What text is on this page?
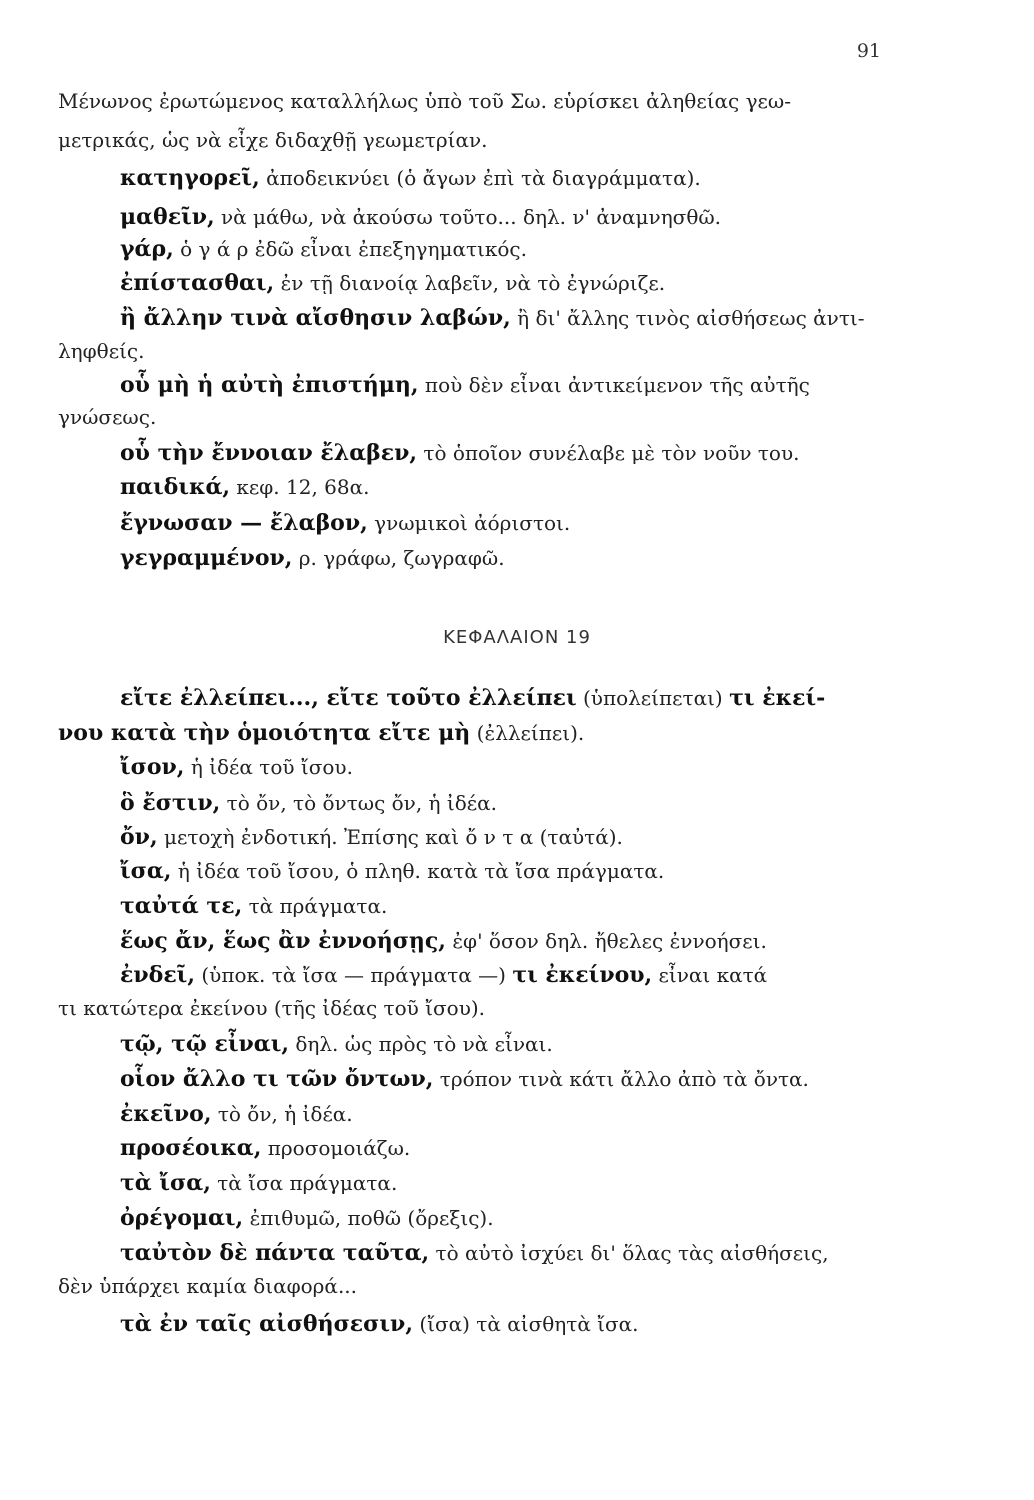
91
Μένωνος ἐρωτώμενος καταλλήλως ὑπὸ τοῦ Σω. εὑρίσκει ἀληθείας γεω-
μετρικάς, ὡς νὰ εἶχε διδαχθῇ γεωμετρίαν.
κατηγορεῖ, ἀποδεικνύει (ὁ ἄγων ἐπὶ τὰ διαγράμματα).
μαθεῖν, νὰ μάθω, νὰ ἀκούσω τοῦτο... δηλ. ν' ἀναμνησθῶ.
γάρ, ὁ γ ά ρ ἐδῶ εἶναι ἐπεξηγηματικός.
ἐπίστασθαι, ἐν τῇ διανοίᾳ λαβεῖν, νὰ τὸ ἐγνώριζε.
ἢ ἄλλην τινὰ αἴσθησιν λαβών, ἢ δι' ἄλλης τινὸς αἰσθήσεως ἀντι-
ληφθείς.
οὗ μὴ ἡ αὐτὴ ἐπιστήμη, ποὺ δὲν εἶναι ἀντικείμενον τῆς αὐτῆς
γνώσεως.
οὗ τὴν ἔννοιαν ἔλαβεν, τὸ ὁποῖον συνέλαβε μὲ τὸν νοῦν του.
παιδικά, κεφ. 12, 68α.
ἔγνωσαν — ἔλαβον, γνωμικοὶ ἀόριστοι.
γεγραμμένον, ρ. γράφω, ζωγραφῶ.
ΚΕΦΑΛΑΙΟΝ 19
εἴτε ἐλλείπει..., εἴτε τοῦτο ἐλλείπει (ὑπολείπεται) τι ἐκεί-
νου κατὰ τὴν ὁμοιότητα εἴτε μὴ (ἐλλείπει).
ἴσον, ἡ ἰδέα τοῦ ἴσου.
ὃ ἔστιν, τὸ ὄν, τὸ ὄντως ὄν, ἡ ἰδέα.
ὄν, μετοχὴ ἐνδοτική. Ἐπίσης καὶ ὄ ν τ α (ταὐτά).
ἴσα, ἡ ἰδέα τοῦ ἴσου, ὁ πληθ. κατὰ τὰ ἴσα πράγματα.
ταὐτά τε, τὰ πράγματα.
ἕως ἄν, ἕως ἂν ἐννοήσῃς, ἐφ' ὅσον δηλ. ἤθελες ἐννοήσει.
ἐνδεῖ, (ὑποκ. τὰ ἴσα — πράγματα —) τι ἐκείνου, εἶναι κατά
τι κατώτερα ἐκείνου (τῆς ἰδέας τοῦ ἴσου).
τῷ, τῷ εἶναι, δηλ. ὡς πρὸς τὸ νὰ εἶναι.
οἷον ἄλλο τι τῶν ὄντων, τρόπον τινὰ κάτι ἄλλο ἀπὸ τὰ ὄντα.
ἐκεῖνο, τὸ ὄν, ἡ ἰδέα.
προσέοικα, προσομοιάζω.
τὰ ἴσα, τὰ ἴσα πράγματα.
ὀρέγομαι, ἐπιθυμῶ, ποθῶ (ὄρεξις).
ταὐτὸν δὲ πάντα ταῦτα, τὸ αὐτὸ ἰσχύει δι' ὅλας τὰς αἰσθήσεις,
δὲν ὑπάρχει καμία διαφορά...
τὰ ἐν ταῖς αἰσθήσεσιν, (ἴσα) τὰ αἰσθητὰ ἴσα.
